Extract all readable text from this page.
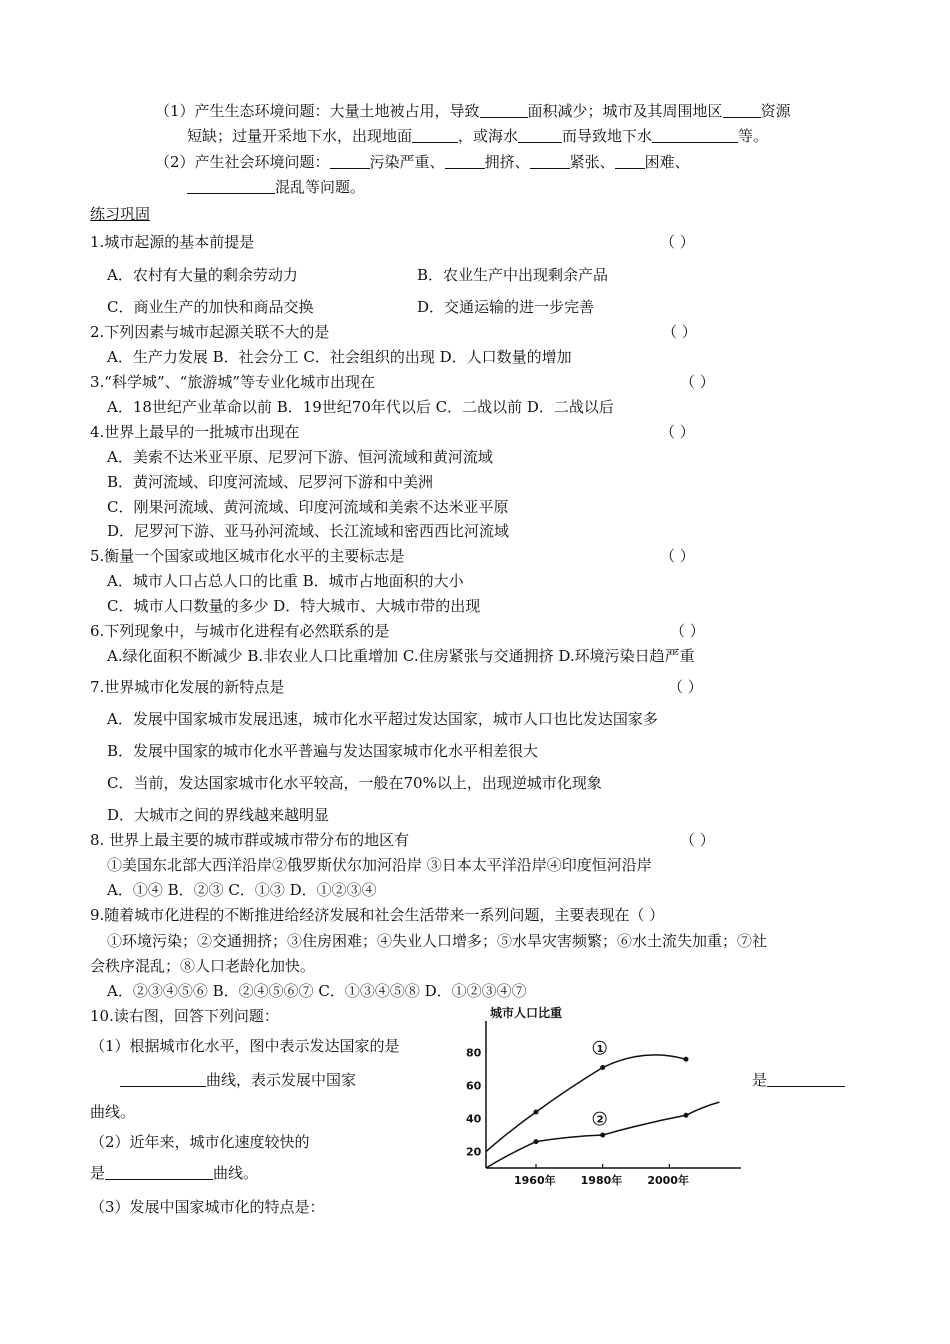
（1）产生生态环境问题：大量土地被占用，导致	面积减少；城市及其周围地区	资源
短缺；过量开采地下水，出现地面	，或海水	而导致地下水	等。
（2）产生社会环境问题：	污染严重、	拥挤、	紧张、 困难、
混乱等问题。
练习巩固
1.城市起源的基本前提是	（ ）
A．农村有大量的剩余劳动力	B．农业生产中出现剩余产品
C．商业生产的加快和商品交换	D．交通运输的进一步完善
2.下列因素与城市起源关联不大的是	（ ）
A．生产力发展 B．社会分工 C．社会组织的出现 D．人口数量的增加
3.“科学城”、“旅游城”等专业化城市出现在	（ ）
A．18世纪产业革命以前 B．19世纪70年代以后 C．二战以前 D．二战以后
4.世界上最早的一批城市出现在	（ ）
A．美索不达米亚平原、尼罗河下游、恒河流域和黄河流域
B．黄河流域、印度河流域、尼罗河下游和中美洲
C．刚果河流域、黄河流域、印度河流域和美索不达米亚平原
D．尼罗河下游、亚马孙河流域、长江流域和密西西比河流域
5.衡量一个国家或地区城市化水平的主要标志是	（ ）
A．城市人口占总人口的比重 B．城市占地面积的大小
C．城市人口数量的多少 D．特大城市、大城市带的出现
6.下列现象中，与城市化进程有必然联系的是	（ ）
A.绿化面积不断减少 B.非农业人口比重增加 C.住房紧张与交通拥挤 D.环境污染日趋严重
7.世界城市化发展的新特点是	（ ）
A．发展中国家城市发展迅速，城市化水平超过发达国家，城市人口也比发达国家多
B．发展中国家的城市化水平普遍与发达国家城市化水平相差很大
C．当前，发达国家城市化水平较高，一般在70%以上，出现逆城市化现象
D．大城市之间的界线越来越明显
8. 世界上最主要的城市群或城市带分布的地区有	（ ）
①美国东北部大西洋沿岸②俄罗斯伏尔加河沿岸 ③日本太平洋沿岸④印度恒河沿岸
A．①④ B．②③ C．①③ D．①②③④
9.随着城市化进程的不断推进给经济发展和社会生活带来一系列问题，主要表现在（ ）
①环境污染；②交通拥挤；③住房困难；④失业人口增多；⑤水旱灾害频繁；⑥水土流失加重；⑦社
会秩序混乱；⑧人口老龄化加快。
A．②③④⑤⑥ B．②④⑤⑥⑦ C．①③④⑤⑧ D．①②③④⑦
10.读右图，回答下列问题：
（1）根据城市化水平，图中表示发达国家的是
曲线，表示发展中国家	是
曲线。
（2）近年来，城市化速度较快的
是	曲线。
（3）发展中国家城市化的特点是：
城市人口比重
20
40
60
80
1960年 1980年 2000年
1
2
